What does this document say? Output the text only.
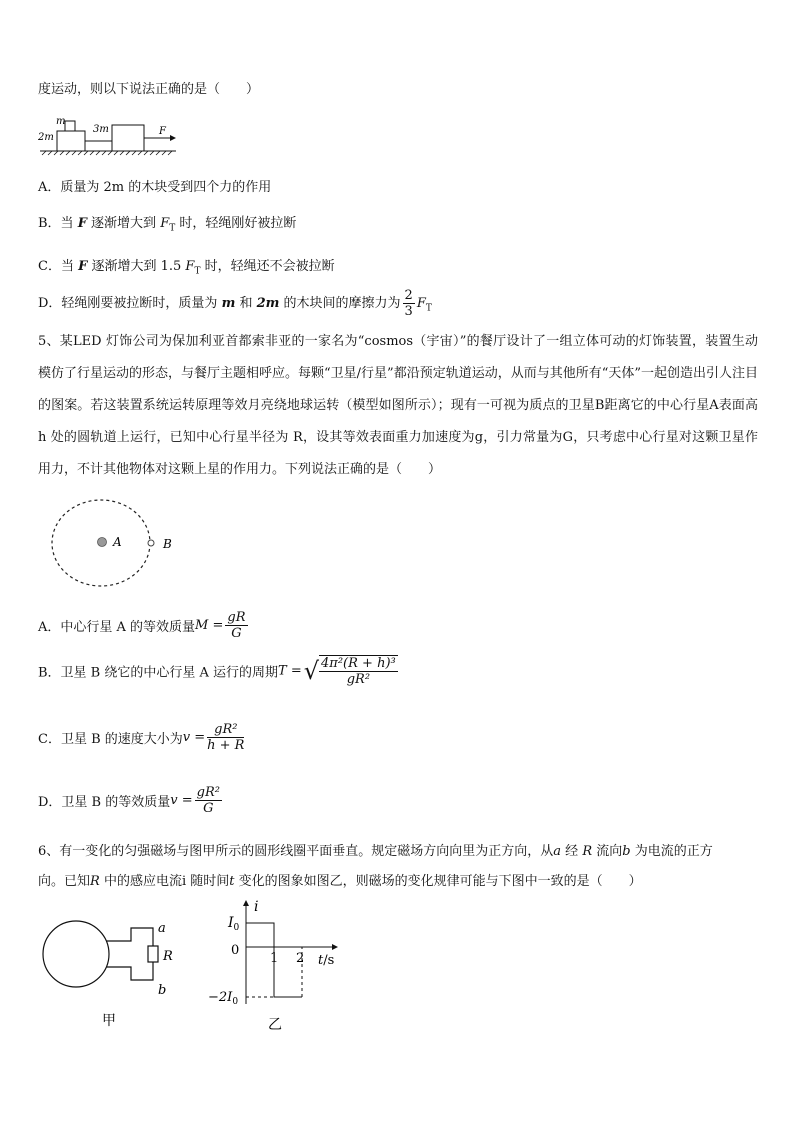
度运动，则以下说法正确的是（　　）
m
2m
3m	F
A．质量为 2m 的木块受到四个力的作用
B．当 F 逐渐增大到 $F_T$ 时，轻绳刚好被拉断
C．当 F 逐渐增大到 1.5 $F_T$ 时，轻绳还不会被拉断
D．轻绳刚要被拉断时，质量为 m 和 2m 的木块间的摩擦力为 $\frac{2}{3} F_T$
5、某LED 灯饰公司为保加利亚首都索非亚的一家名为“cosmos（宇宙）”的餐厅设计了一组立体可动的灯饰装置，装置生动模仿了行星运动的形态，与餐厅主题相呼应。每颗“卫星/行星”都沿预定轨道运动，从而与其他所有“天体”一起创造出引人注目的图案。若这装置系统运转原理等效月亮绕地球运转（模型如图所示）；现有一可视为质点的卫星B距离它的中心行星A表面高 h 处的圆轨道上运行，已知中心行星半径为 R，设其等效表面重力加速度为g，引力常量为G，只考虑中心行星对这颗卫星作用力，不计其他物体对这颗上星的作用力。下列说法正确的是（　　）
A	B
A．中心行星 A 的等效质量$M = \frac{gR}{G}$
B．卫星 B 绕它的中心行星 A 运行的周期T =√ $\frac{\text{4π²(R + h)³}}{\text{gR²}}$
C．卫星 B 的速度大小为$v = \frac{\text{gR²}}{h + R}$
D．卫星 B 的等效质量$v = \frac{\text{gR²}}{G}$
6、有一变化的匀强磁场与图甲所示的圆形线圈平面垂直。规定磁场方向向里为正方向，从a 经 R 流向b 为电流的正方
向。已知R 中的感应电流i 随时间t 变化的图象如图乙，则磁场的变化规律可能与下图中一致的是（　　）
a
R
b
甲
i
$I_0$
0
1 2 t/s
$-2I_0$
乙
